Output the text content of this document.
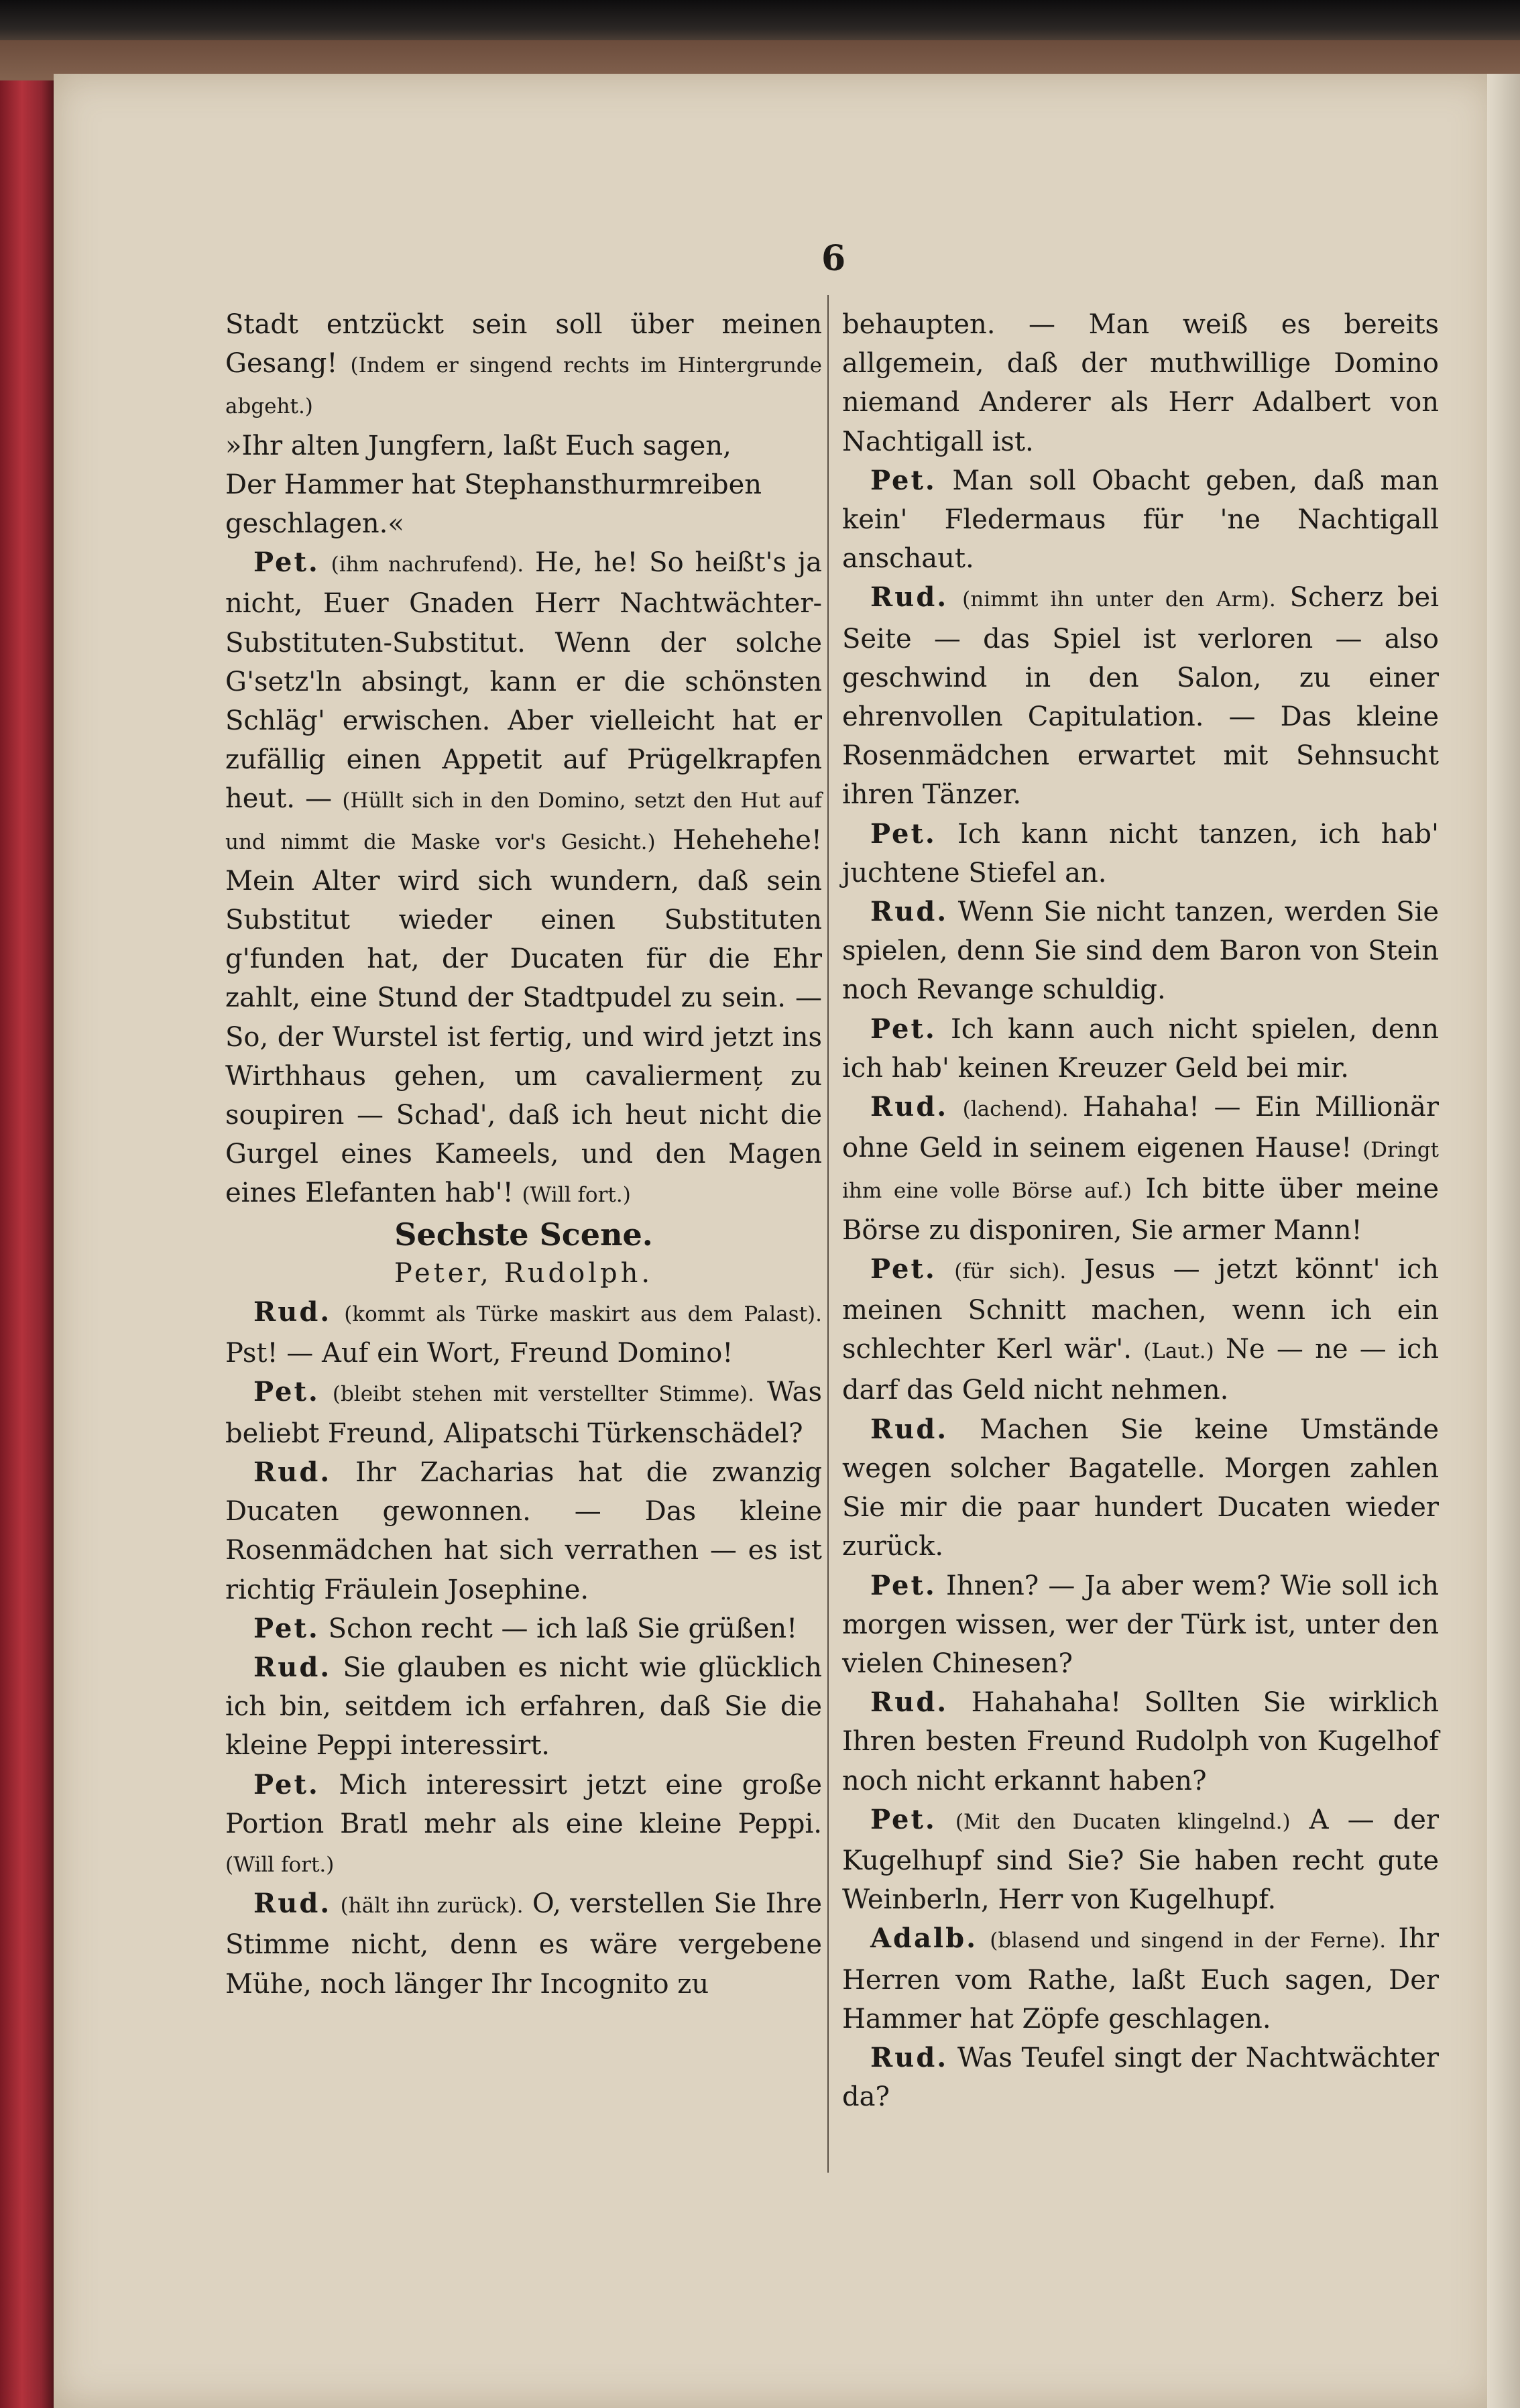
6

Stadt entzückt sein soll über meinen Gesang! (Indem er singend rechts im Hintergrunde abgeht.)

»Ihr alten Jungfern, laßt Euch sagen,

Der Hammer hat Stephansthurmreiben

geschlagen.«

Pet. (ihm nachrufend). He, he! So heißt's ja nicht, Euer Gnaden Herr Nachtwächter-Substituten-Substitut. Wenn der solche G'setz'ln absingt, kann er die schönsten Schläg' erwischen. Aber vielleicht hat er zufällig einen Appetit auf Prügelkrapfen heut. — (Hüllt sich in den Domino, setzt den Hut auf und nimmt die Maske vor's Gesicht.) Hehehehe! Mein Alter wird sich wundern, daß sein Substitut wieder einen Substituten g'funden hat, der Ducaten für die Ehr zahlt, eine Stund der Stadtpudel zu sein. — So, der Wurstel ist fertig, und wird jetzt ins Wirthhaus gehen, um cavaliermenț zu soupiren — Schad', daß ich heut nicht die Gurgel eines Kameels, und den Magen eines Elefanten hab'! (Will fort.)

Sechste Scene.

Peter, Rudolph.

Rud. (kommt als Türke maskirt aus dem Palast). Pst! — Auf ein Wort, Freund Domino!

Pet. (bleibt stehen mit verstellter Stimme). Was beliebt Freund, Alipatschi Türkenschädel?

Rud. Ihr Zacharias hat die zwanzig Ducaten gewonnen. — Das kleine Rosenmädchen hat sich verrathen — es ist richtig Fräulein Josephine.

Pet. Schon recht — ich laß Sie grüßen!

Rud. Sie glauben es nicht wie glücklich ich bin, seitdem ich erfahren, daß Sie die kleine Peppi interessirt.

Pet. Mich interessirt jetzt eine große Portion Bratl mehr als eine kleine Peppi. (Will fort.)

Rud. (hält ihn zurück). O, verstellen Sie Ihre Stimme nicht, denn es wäre vergebene Mühe, noch länger Ihr Incognito zu

behaupten. — Man weiß es bereits allgemein, daß der muthwillige Domino niemand Anderer als Herr Adalbert von Nachtigall ist.

Pet. Man soll Obacht geben, daß man kein' Fledermaus für 'ne Nachtigall anschaut.

Rud. (nimmt ihn unter den Arm). Scherz bei Seite — das Spiel ist verloren — also geschwind in den Salon, zu einer ehrenvollen Capitulation. — Das kleine Rosenmädchen erwartet mit Sehnsucht ihren Tänzer.

Pet. Ich kann nicht tanzen, ich hab' juchtene Stiefel an.

Rud. Wenn Sie nicht tanzen, werden Sie spielen, denn Sie sind dem Baron von Stein noch Revange schuldig.

Pet. Ich kann auch nicht spielen, denn ich hab' keinen Kreuzer Geld bei mir.

Rud. (lachend). Hahaha! — Ein Millionär ohne Geld in seinem eigenen Hause! (Dringt ihm eine volle Börse auf.) Ich bitte über meine Börse zu disponiren, Sie armer Mann!

Pet. (für sich). Jesus — jetzt könnt' ich meinen Schnitt machen, wenn ich ein schlechter Kerl wär'. (Laut.) Ne — ne — ich darf das Geld nicht nehmen.

Rud. Machen Sie keine Umstände wegen solcher Bagatelle. Morgen zahlen Sie mir die paar hundert Ducaten wieder zurück.

Pet. Ihnen? — Ja aber wem? Wie soll ich morgen wissen, wer der Türk ist, unter den vielen Chinesen?

Rud. Hahahaha! Sollten Sie wirklich Ihren besten Freund Rudolph von Kugelhof noch nicht erkannt haben?

Pet. (Mit den Ducaten klingelnd.) A — der Kugelhupf sind Sie? Sie haben recht gute Weinberln, Herr von Kugelhupf.

Adalb. (blasend und singend in der Ferne). Ihr Herren vom Rathe, laßt Euch sagen, Der Hammer hat Zöpfe geschlagen.

Rud. Was Teufel singt der Nachtwächter da?
